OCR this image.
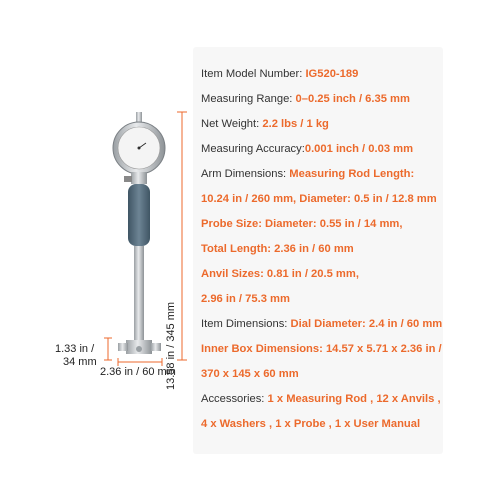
13.58 in / 345 mm
1.33 in /
34 mm
2.36 in / 60 mm
Item Model Number: IG520-189
Measuring Range: 0–0.25 inch / 6.35 mm
Net Weight: 2.2 lbs / 1 kg
Measuring Accuracy:0.001 inch / 0.03 mm
Arm Dimensions: Measuring Rod Length:
10.24 in / 260 mm, Diameter: 0.5 in / 12.8 mm
Probe Size: Diameter: 0.55 in / 14 mm,
Total Length: 2.36 in / 60 mm
Anvil Sizes: 0.81 in / 20.5 mm,
2.96 in / 75.3 mm
Item Dimensions: Dial Diameter: 2.4 in / 60 mm
Inner Box Dimensions: 14.57 x 5.71 x 2.36 in /
370 x 145 x 60 mm
Accessories: 1 x Measuring Rod , 12 x Anvils ,
4 x Washers , 1 x Probe , 1 x User Manual
